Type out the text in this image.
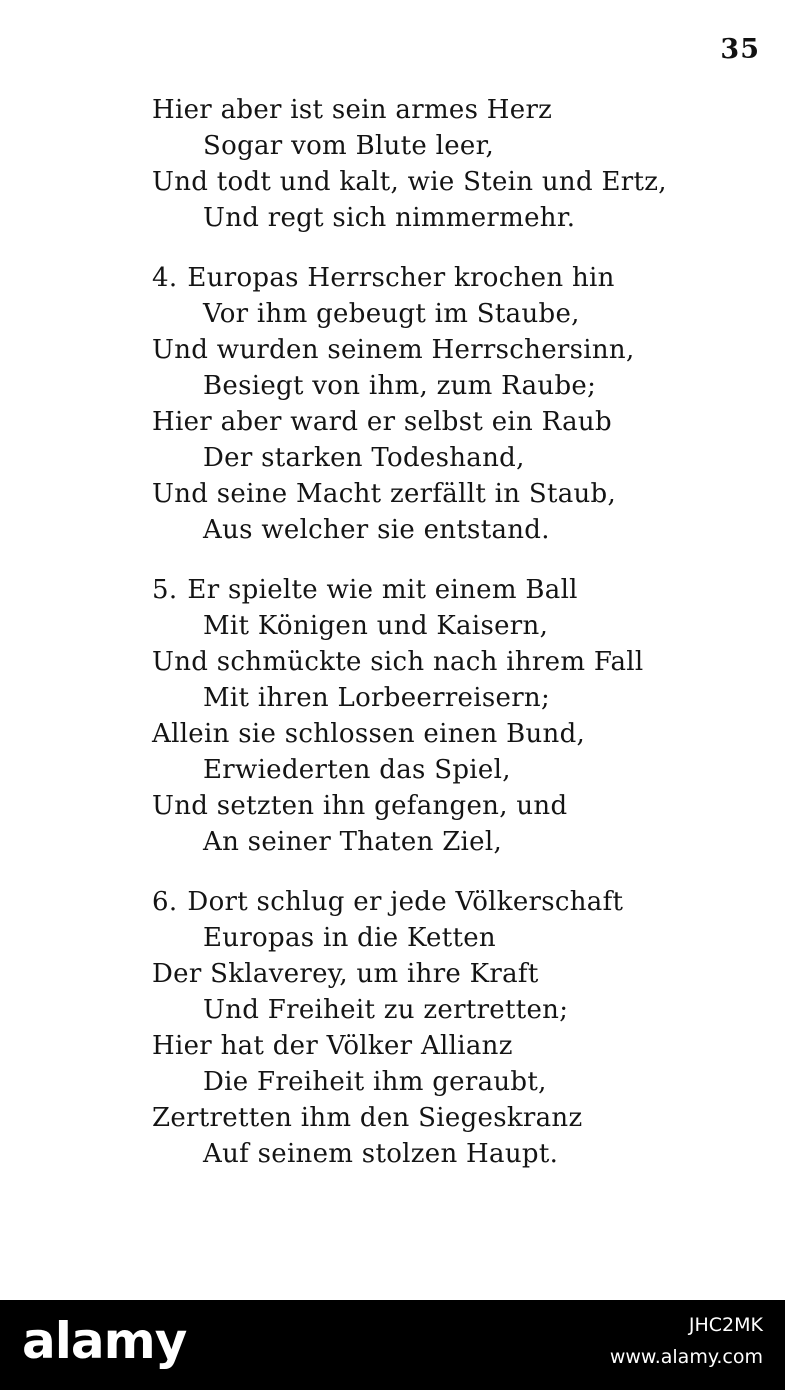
35
Hier aber ist sein armes Herz
Sogar vom Blute leer,
Und todt und kalt, wie Stein und Ertz,
Und regt sich nimmermehr.
4. Europas Herrscher krochen hin
Vor ihm gebeugt im Staube,
Und wurden seinem Herrschersinn,
Besiegt von ihm, zum Raube;
Hier aber ward er selbst ein Raub
Der starken Todeshand,
Und seine Macht zerfällt in Staub,
Aus welcher sie entstand.
5. Er spielte wie mit einem Ball
Mit Königen und Kaisern,
Und schmückte sich nach ihrem Fall
Mit ihren Lorbeerreisern;
Allein sie schlossen einen Bund,
Erwiederten das Spiel,
Und setzten ihn gefangen, und
An seiner Thaten Ziel,
6. Dort schlug er jede Völkerschaft
Europas in die Ketten
Der Sklaverey, um ihre Kraft
Und Freiheit zu zertretten;
Hier hat der Völker Allianz
Die Freiheit ihm geraubt,
Zertretten ihm den Siegeskranz
Auf seinem stolzen Haupt.
alamy	JHC2MK
www.alamy.com
